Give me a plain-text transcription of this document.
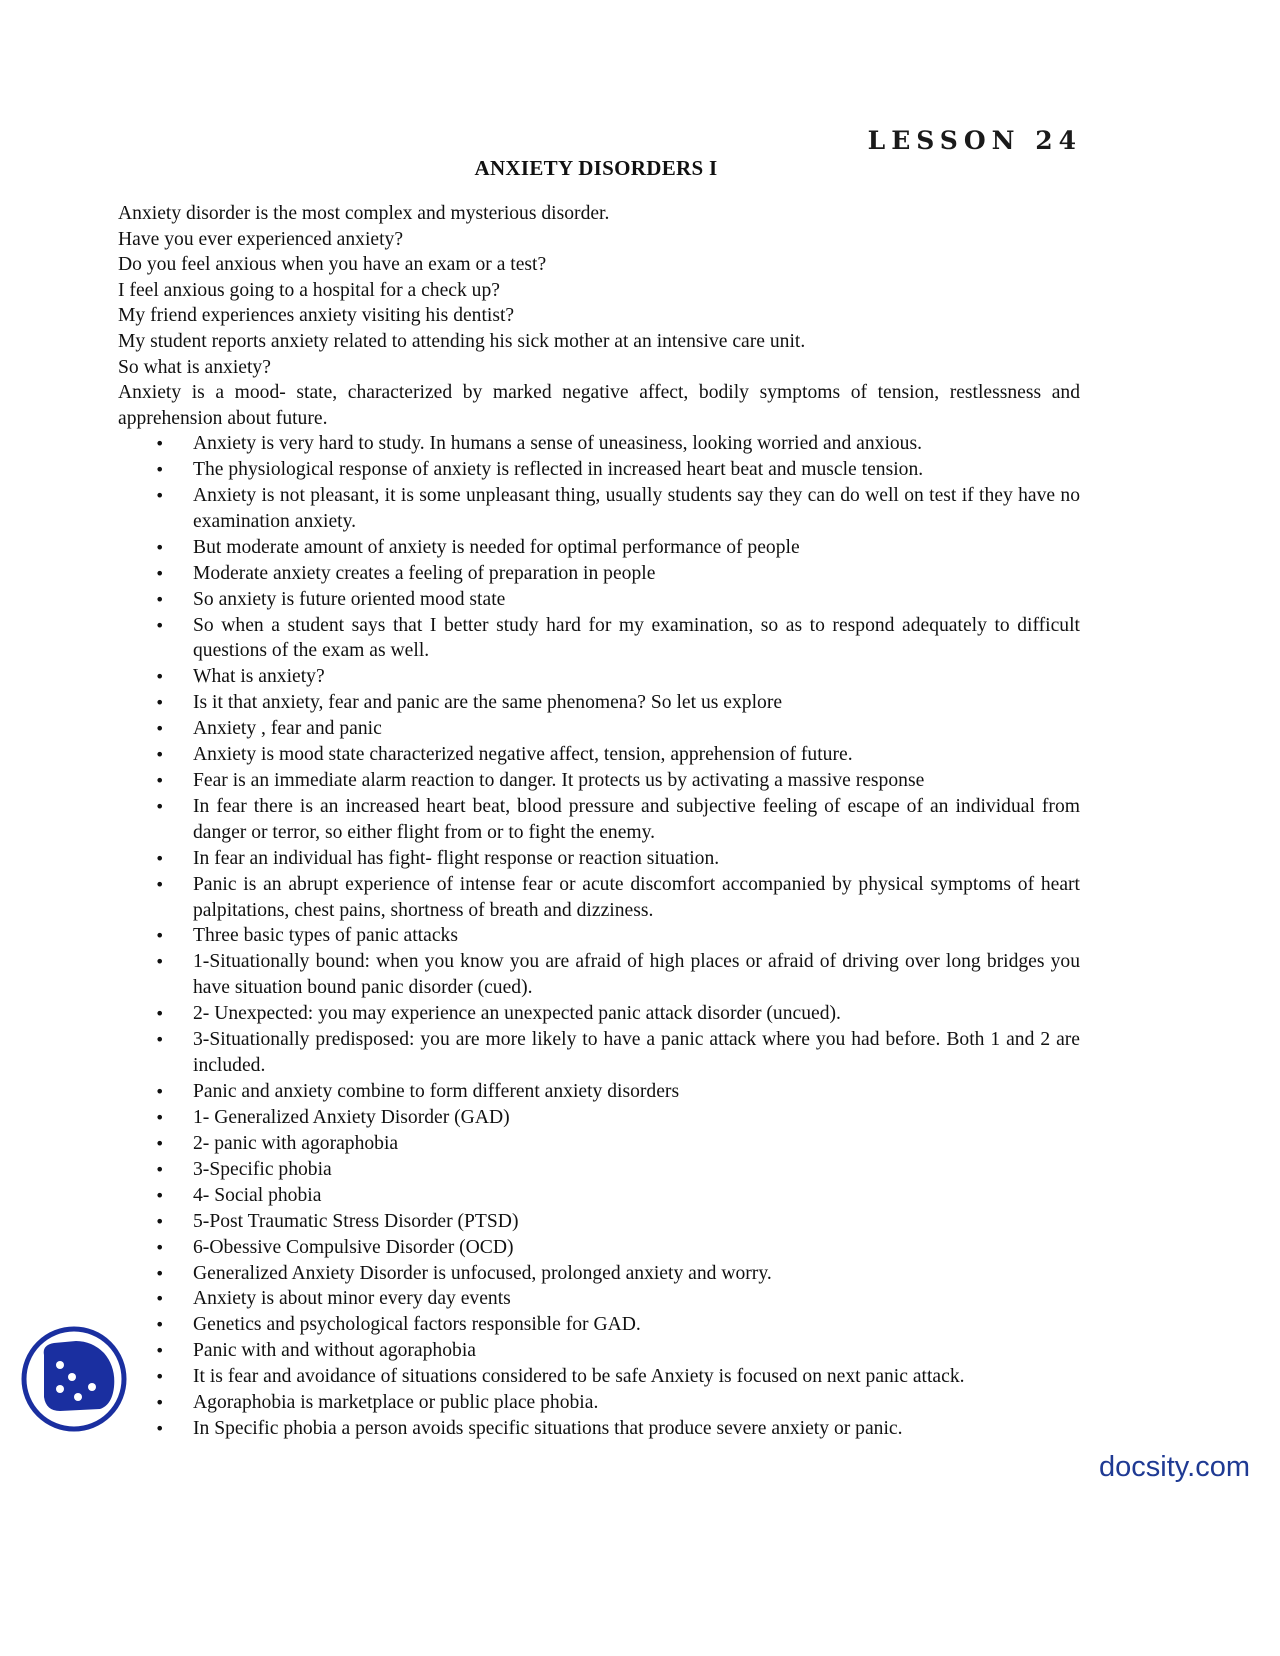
LESSON 24
ANXIETY DISORDERS I

Anxiety disorder is the most complex and mysterious disorder.

Have you ever experienced anxiety?

Do you feel anxious when you have an exam or a test?

I feel anxious going to a hospital for a check up?

My friend experiences anxiety visiting his dentist?

My student reports anxiety related to attending his sick mother at an intensive care unit.

So what is anxiety?

Anxiety is a mood- state, characterized by marked negative affect, bodily symptoms of tension, restlessness and apprehension about future.

• Anxiety is very hard to study. In humans a sense of uneasiness, looking worried and anxious.
• The physiological response of anxiety is reflected in increased heart beat and muscle tension.
• Anxiety is not pleasant, it is some unpleasant thing, usually students say they can do well on test if they have no examination anxiety.
• But moderate amount of anxiety is needed for optimal performance of people
• Moderate anxiety creates a feeling of preparation in people
• So anxiety is future oriented mood state
• So when a student says that I better study hard for my examination, so as to respond adequately to difficult questions of the exam as well.
• What is anxiety?
• Is it that anxiety, fear and panic are the same phenomena? So let us explore
• Anxiety , fear and panic
• Anxiety is mood state characterized negative affect, tension, apprehension of future.
• Fear is an immediate alarm reaction to danger. It protects us by activating a massive response
• In fear there is an increased heart beat, blood pressure and subjective feeling of escape of an individual from danger or terror, so either flight from or to fight the enemy.
• In fear an individual has fight- flight response or reaction situation.
• Panic is an abrupt experience of intense fear or acute discomfort accompanied by physical symptoms of heart palpitations, chest pains, shortness of breath and dizziness.
• Three basic types of panic attacks
• 1-Situationally bound: when you know you are afraid of high places or afraid of driving over long bridges you have situation bound panic disorder (cued).
• 2- Unexpected: you may experience an unexpected panic attack disorder (uncued).
• 3-Situationally predisposed: you are more likely to have a panic attack where you had before. Both 1 and 2 are included.
• Panic and anxiety combine to form different anxiety disorders
• 1- Generalized Anxiety Disorder (GAD)
• 2- panic with agoraphobia
• 3-Specific phobia
• 4- Social phobia
• 5-Post Traumatic Stress Disorder (PTSD)
• 6-Obessive Compulsive Disorder (OCD)
• Generalized Anxiety Disorder is unfocused, prolonged anxiety and worry.
• Anxiety is about minor every day events
• Genetics and psychological factors responsible for GAD.
• Panic with and without agoraphobia
• It is fear and avoidance of situations considered to be safe Anxiety is focused on next panic attack.
• Agoraphobia is marketplace or public place phobia.
• In Specific phobia a person avoids specific situations that produce severe anxiety or panic.
docsity.com
